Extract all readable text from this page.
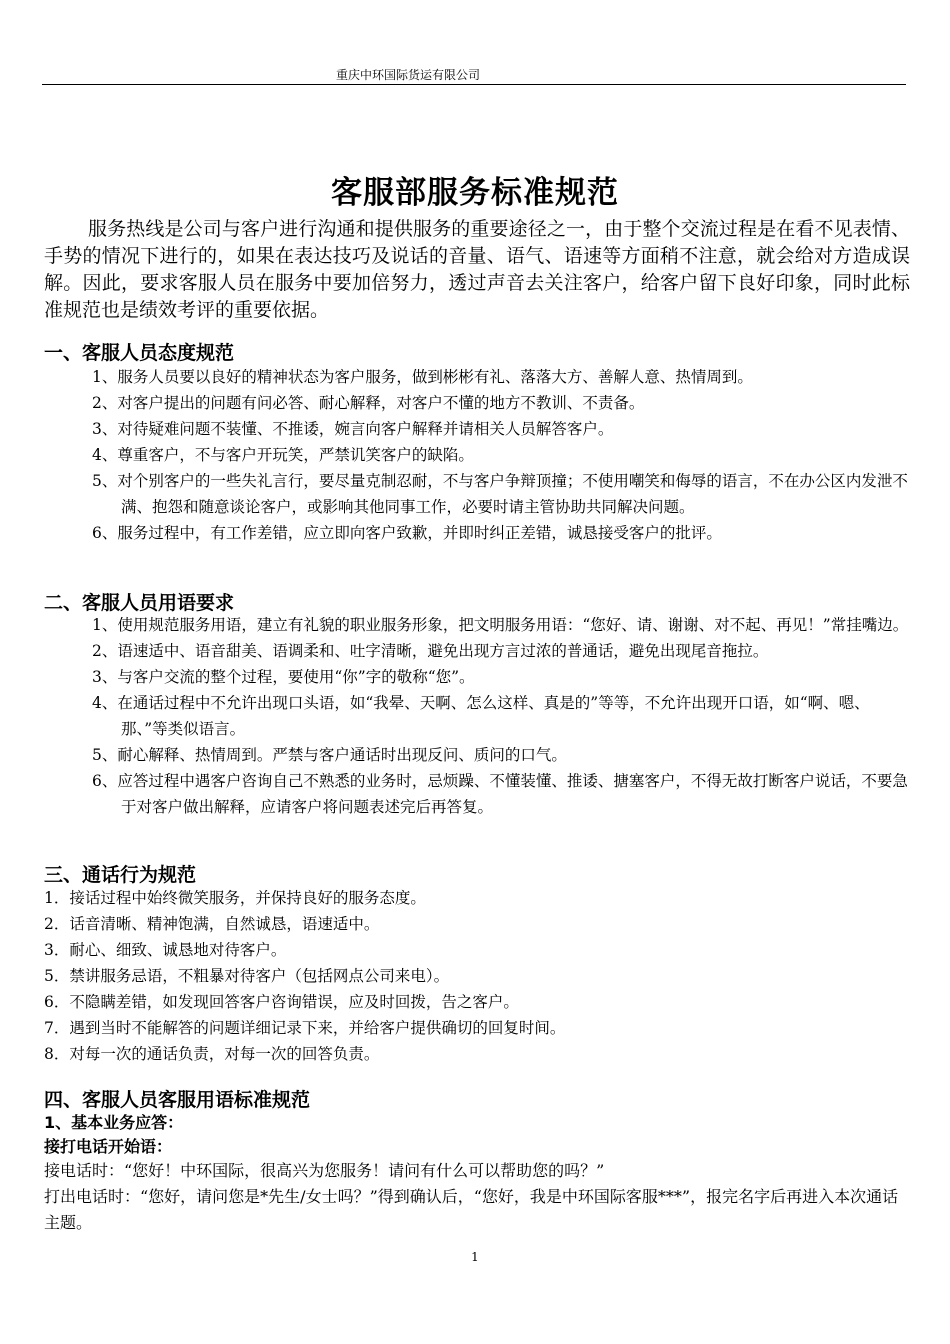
重庆中环国际货运有限公司
客服部服务标准规范

服务热线是公司与客户进行沟通和提供服务的重要途径之一，由于整个交流过程是在看不见表情、手势的情况下进行的，如果在表达技巧及说话的音量、语气、语速等方面稍不注意，就会给对方造成误解。因此，要求客服人员在服务中要加倍努力，透过声音去关注客户，给客户留下良好印象，同时此标准规范也是绩效考评的重要依据。

一、客服人员态度规范
1、服务人员要以良好的精神状态为客户服务，做到彬彬有礼、落落大方、善解人意、热情周到。
2、对客户提出的问题有问必答、耐心解释，对客户不懂的地方不教训、不责备。
3、对待疑难问题不装懂、不推诿，婉言向客户解释并请相关人员解答客户。
4、尊重客户，不与客户开玩笑，严禁讥笑客户的缺陷。
5、对个别客户的一些失礼言行，要尽量克制忍耐，不与客户争辩顶撞；不使用嘲笑和侮辱的语言，不在办公区内发泄不满、抱怨和随意谈论客户，或影响其他同事工作，必要时请主管协助共同解决问题。
6、服务过程中，有工作差错，应立即向客户致歉，并即时纠正差错，诚恳接受客户的批评。
二、客服人员用语要求
1、使用规范服务用语，建立有礼貌的职业服务形象，把文明服务用语：“您好、请、谢谢、对不起、再见！”常挂嘴边。
2、语速适中、语音甜美、语调柔和、吐字清晰，避免出现方言过浓的普通话，避免出现尾音拖拉。
3、与客户交流的整个过程，要使用“你”字的敬称“您”。
4、在通话过程中不允许出现口头语，如“我晕、天啊、怎么这样、真是的”等等，不允许出现开口语，如“啊、嗯、那、”等类似语言。
5、耐心解释、热情周到。严禁与客户通话时出现反问、质问的口气。
6、应答过程中遇客户咨询自己不熟悉的业务时，忌烦躁、不懂装懂、推诿、搪塞客户，不得无故打断客户说话，不要急于对客户做出解释，应请客户将问题表述完后再答复。
三、通话行为规范
1．接话过程中始终微笑服务，并保持良好的服务态度。
2．话音清晰、精神饱满，自然诚恳，语速适中。
3．耐心、细致、诚恳地对待客户。
5．禁讲服务忌语，不粗暴对待客户（包括网点公司来电）。
6．不隐瞒差错，如发现回答客户咨询错误，应及时回拨，告之客户。
7．遇到当时不能解答的问题详细记录下来，并给客户提供确切的回复时间。
8．对每一次的通话负责，对每一次的回答负责。
四、客服人员客服用语标准规范

1、基本业务应答：

接打电话开始语：

接电话时：“您好！中环国际，很高兴为您服务！请问有什么可以帮助您的吗？”

打出电话时：“您好，请问您是*先生/女士吗？”得到确认后，“您好，我是中环国际客服***”，报完名字后再进入本次通话主题。

1
